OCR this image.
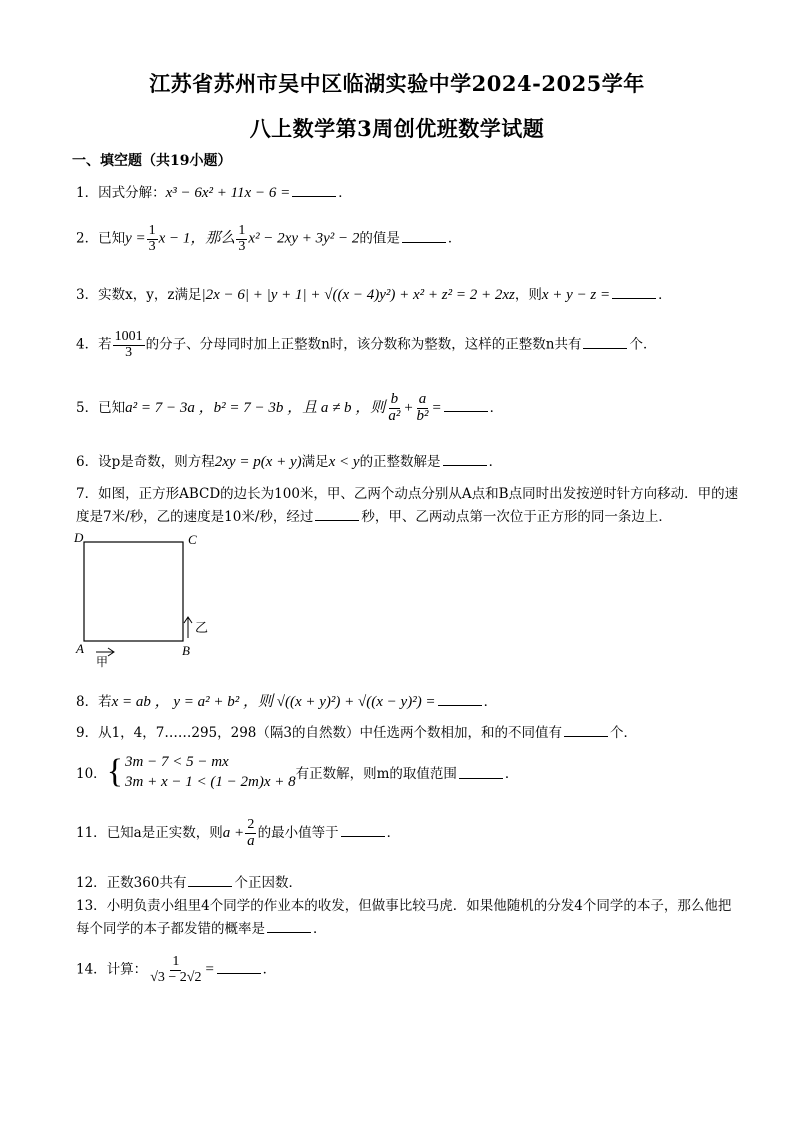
江苏省苏州市吴中区临湖实验中学2024-2025学年
八上数学第3周创优班数学试题
一、填空题（共19小题）
1．因式分解：x³ − 6x² + 11x − 6 =	．
2．已知$y = \frac{1}{3}$ x − 1，那么 $\frac{1}{3} x^2 - 2xy + 3y^2 - 2$的值是	．
3．实数x，y，z满足|2x − 6| + |y + 1| + √((x − 4)y²) + x² + z² = 2 + 2xz，则x + y − z =	．
4．若 $\frac{1001}{3}$ 的分子、分母同时加上正整数n时，该分数称为整数，这样的正整数n共有	个．
5．已知a² = 7 − 3a ，b² = 7 − 3b ，且 a ≠ b ，则 $\frac{b}{\text{a²}} + \frac{a}{\text{b²}}$ =	．
6．设p是奇数，则方程2xy = p(x + y)满足x < y的正整数解是	．
7．如图，正方形ABCD的边长为100米，甲、乙两个动点分别从A点和B点同时出发按逆时针方向移动．甲的速度是7米/秒，乙的速度是10米/秒，经过	秒，甲、乙两动点第一次位于正方形的同一条边上．
D	C
A	B
乙
甲
8．若x = ab ， y = a² + b² ，则 √((x + y)²) + √((x − y)²) =	．
9．从1，4，7……295，298（隔3的自然数）中任选两个数相加，和的不同值有	个．
10． { 3m − 7 < 5 − mx
3m + x − 1 < (1 − 2m)x + 8 有正数解，则m的取值范围	．
11．已知a是正实数，则$a + \frac{2}{a}$ 的最小值等于	．
12．正数360共有	个正因数．
13．小明负责小组里4个同学的作业本的收发，但做事比较马虎．如果他随机的分发4个同学的本子，那么他把每个同学的本子都发错的概率是	．
14．计算： $\frac{1}{√3 - 2√2}$ =	．
